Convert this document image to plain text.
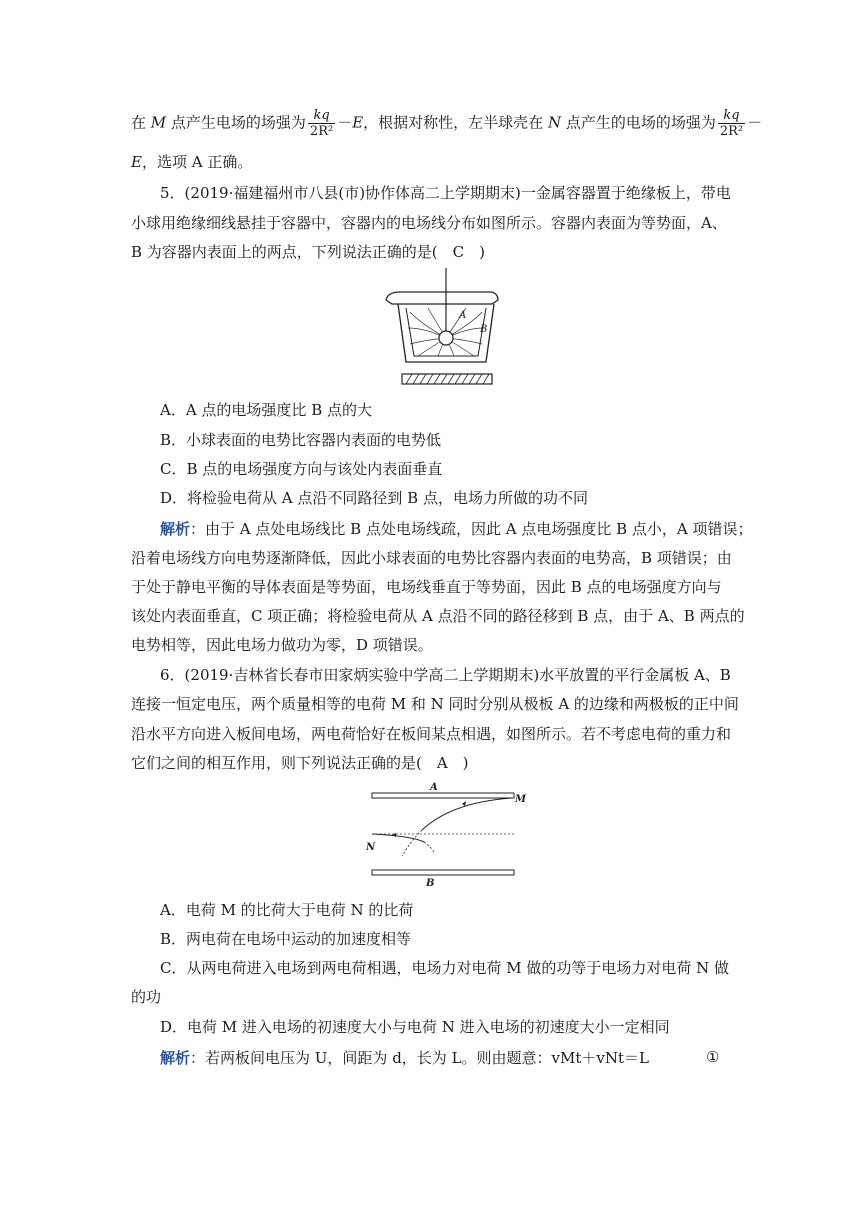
在 M 点产生电场的场强为 $\frac{kq}{\text{2R²}} -E$，根据对称性，左半球壳在 N 点产生的电场的场强为 $\frac{kq}{\text{2R²}}$ －
E，选项 A 正确。
5．(2019·福建福州市八县(市)协作体高二上学期期末)一金属容器置于绝缘板上，带电
小球用绝缘细线悬挂于容器中，容器内的电场线分布如图所示。容器内表面为等势面，A、
B 为容器内表面上的两点，下列说法正确的是(　C　)
A
B
A．A 点的电场强度比 B 点的大
B．小球表面的电势比容器内表面的电势低
C．B 点的电场强度方向与该处内表面垂直
D．将检验电荷从 A 点沿不同路径到 B 点，电场力所做的功不同
解析：由于 A 点处电场线比 B 点处电场线疏，因此 A 点电场强度比 B 点小，A 项错误；
沿着电场线方向电势逐渐降低，因此小球表面的电势比容器内表面的电势高，B 项错误；由
于处于静电平衡的导体表面是等势面，电场线垂直于等势面，因此 B 点的电场强度方向与
该处内表面垂直，C 项正确；将检验电荷从 A 点沿不同的路径移到 B 点，由于 A、B 两点的
电势相等，因此电场力做功为零，D 项错误。
6．(2019·吉林省长春市田家炳实验中学高二上学期期末)水平放置的平行金属板 A、B
连接一恒定电压，两个质量相等的电荷 M 和 N 同时分别从极板 A 的边缘和两极板的正中间
沿水平方向进入板间电场，两电荷恰好在板间某点相遇，如图所示。若不考虑电荷的重力和
它们之间的相互作用，则下列说法正确的是(　A　)
A
B
M
N
A．电荷 M 的比荷大于电荷 N 的比荷
B．两电荷在电场中运动的加速度相等
C．从两电荷进入电场到两电荷相遇，电场力对电荷 M 做的功等于电场力对电荷 N 做
的功
D．电荷 M 进入电场的初速度大小与电荷 N 进入电场的初速度大小一定相同
解析：若两板间电压为 U，间距为 d，长为 L。则由题意：vMt＋vNt＝L	①
